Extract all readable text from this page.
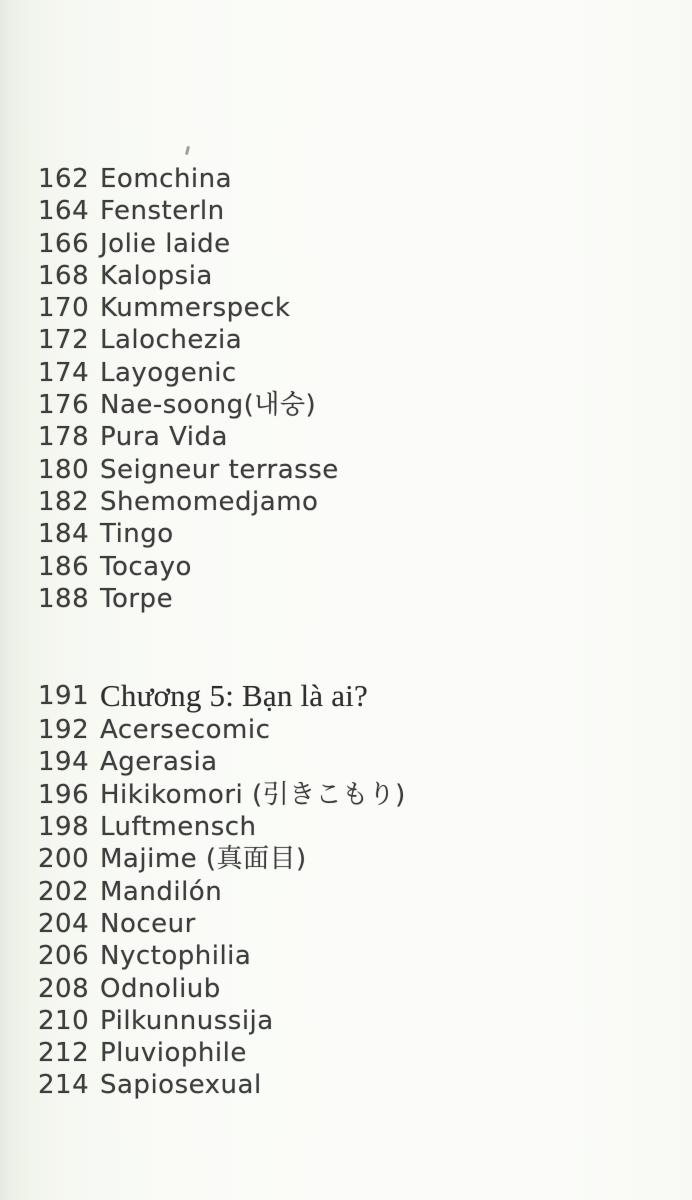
162 Eomchina
164 Fensterln
166 Jolie laide
168 Kalopsia
170 Kummerspeck
172 Lalochezia
174 Layogenic
176 Nae-soong(내숭)
178 Pura Vida
180 Seigneur terrasse
182 Shemomedjamo
184 Tingo
186 Tocayo
188 Torpe
191 Chương 5: Bạn là ai?
192 Acersecomic
194 Agerasia
196 Hikikomori (引きこもり)
198 Luftmensch
200 Majime (真面目)
202 Mandilón
204 Noceur
206 Nyctophilia
208 Odnoliub
210 Pilkunnussija
212 Pluviophile
214 Sapiosexual
